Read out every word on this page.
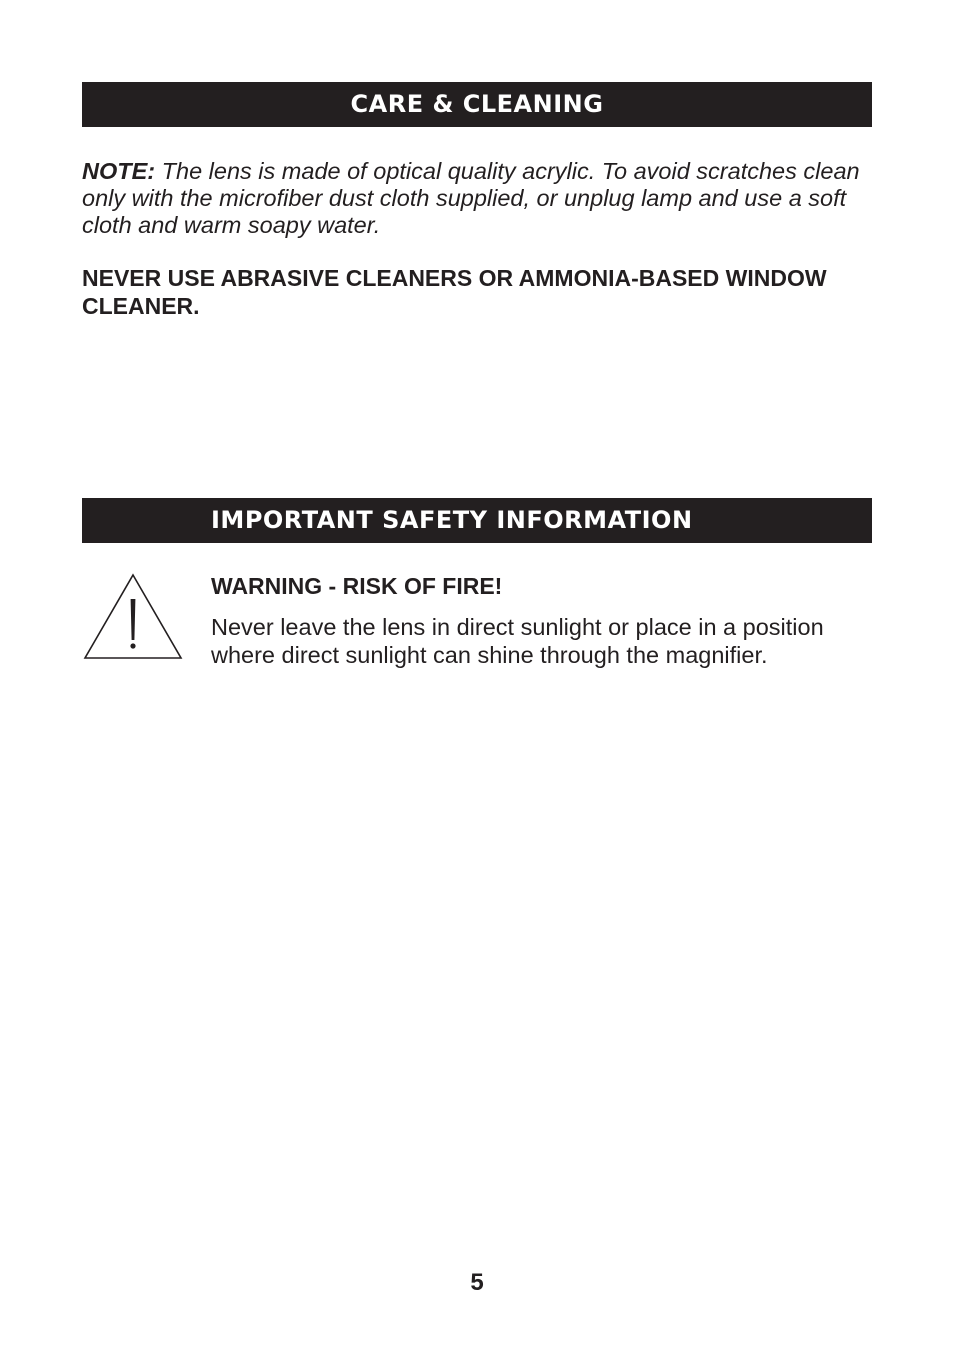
CARE & CLEANING

NOTE: The lens is made of optical quality acrylic. To avoid scratches clean only with the microfiber dust cloth supplied, or unplug lamp and use a soft cloth and warm soapy water.

NEVER USE ABRASIVE CLEANERS OR AMMONIA-BASED WINDOW CLEANER.

IMPORTANT SAFETY INFORMATION

WARNING - RISK OF FIRE!

Never leave the lens in direct sunlight or place in a position where direct sunlight can shine through the magnifier.

5
